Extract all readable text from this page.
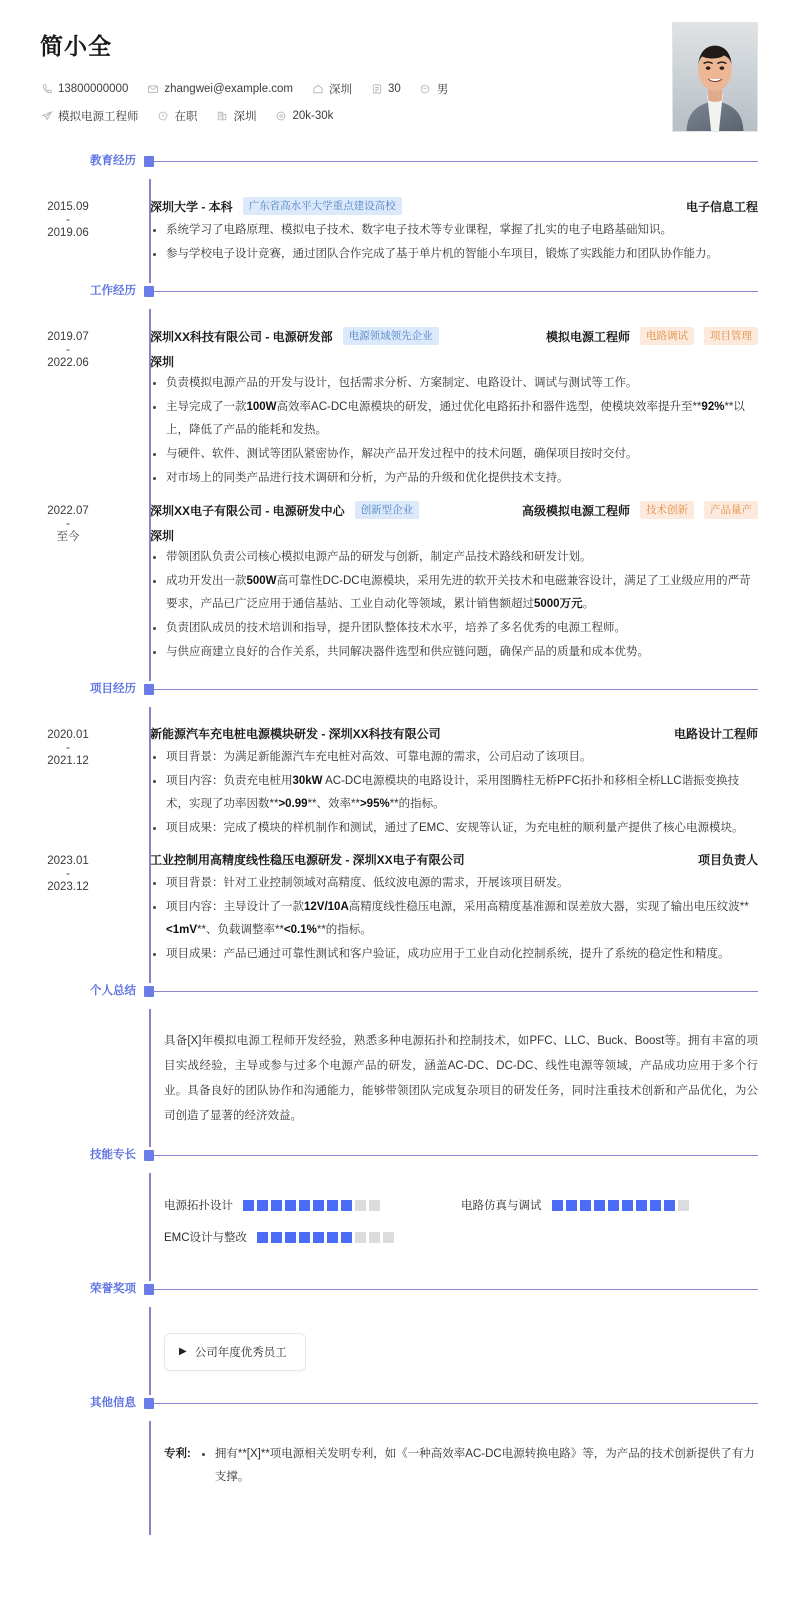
简小全
13800000000	zhangwei@example.com	深圳	30	男
模拟电源工程师	在职	深圳	20k-30k
教育经历
2015.09
-
2019.06
深圳大学 - 本科	广东省高水平大学重点建设高校	电子信息工程
系统学习了电路原理、模拟电子技术、数字电子技术等专业课程，掌握了扎实的电子电路基础知识。
参与学校电子设计竞赛，通过团队合作完成了基于单片机的智能小车项目，锻炼了实践能力和团队协作能力。
工作经历
2019.07
-
2022.06
深圳XX科技有限公司 - 电源研发部	电源领域领先企业	模拟电源工程师	电路调试	项目管理
深圳
负责模拟电源产品的开发与设计，包括需求分析、方案制定、电路设计、调试与测试等工作。
主导完成了一款100W高效率AC-DC电源模块的研发，通过优化电路拓扑和器件选型，使模块效率提升至**92%**以上，降低了产品的能耗和发热。
与硬件、软件、测试等团队紧密协作，解决产品开发过程中的技术问题，确保项目按时交付。
对市场上的同类产品进行技术调研和分析，为产品的升级和优化提供技术支持。
2022.07
-
至今
深圳XX电子有限公司 - 电源研发中心	创新型企业	高级模拟电源工程师	技术创新	产品量产
深圳
带领团队负责公司核心模拟电源产品的研发与创新，制定产品技术路线和研发计划。
成功开发出一款500W高可靠性DC-DC电源模块，采用先进的软开关技术和电磁兼容设计，满足了工业级应用的严苛要求，产品已广泛应用于通信基站、工业自动化等领域，累计销售额超过5000万元。
负责团队成员的技术培训和指导，提升团队整体技术水平，培养了多名优秀的电源工程师。
与供应商建立良好的合作关系，共同解决器件选型和供应链问题，确保产品的质量和成本优势。
项目经历
2020.01
-
2021.12
新能源汽车充电桩电源模块研发 - 深圳XX科技有限公司	电路设计工程师
项目背景：为满足新能源汽车充电桩对高效、可靠电源的需求，公司启动了该项目。
项目内容：负责充电桩用30kW AC-DC电源模块的电路设计，采用图腾柱无桥PFC拓扑和移相全桥LLC谐振变换技术，实现了功率因数**>0.99**、效率**>95%**的指标。
项目成果：完成了模块的样机制作和测试，通过了EMC、安规等认证，为充电桩的顺利量产提供了核心电源模块。
2023.01
-
2023.12
工业控制用高精度线性稳压电源研发 - 深圳XX电子有限公司	项目负责人
项目背景：针对工业控制领域对高精度、低纹波电源的需求，开展该项目研发。
项目内容：主导设计了一款12V/10A高精度线性稳压电源，采用高精度基准源和误差放大器，实现了输出电压纹波**<1mV**、负载调整率**<0.1%**的指标。
项目成果：产品已通过可靠性测试和客户验证，成功应用于工业自动化控制系统，提升了系统的稳定性和精度。
个人总结
具备[X]年模拟电源工程师开发经验，熟悉多种电源拓扑和控制技术，如PFC、LLC、Buck、Boost等。拥有丰富的项目实战经验，主导或参与过多个电源产品的研发，涵盖AC-DC、DC-DC、线性电源等领域，产品成功应用于多个行业。具备良好的团队协作和沟通能力，能够带领团队完成复杂项目的研发任务，同时注重技术创新和产品优化，为公司创造了显著的经济效益。
技能专长
电源拓扑设计	电路仿真与调试
EMC设计与整改
荣誉奖项
▶ 公司年度优秀员工
其他信息
专利:	拥有**[X]**项电源相关发明专利，如《一种高效率AC-DC电源转换电路》等，为产品的技术创新提供了有力支撑。
